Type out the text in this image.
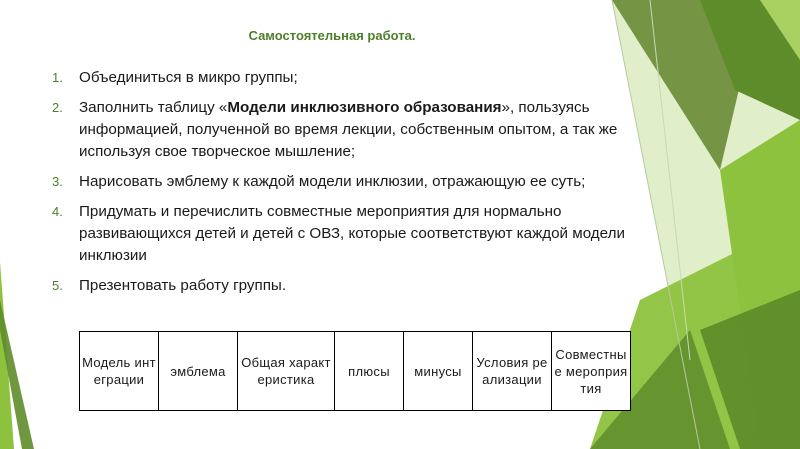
Самостоятельная работа.
1. Объединиться в микро группы;
2. Заполнить таблицу «Модели инклюзивного образования», пользуясь информацией, полученной во время лекции, собственным опытом, а так же используя свое творческое мышление;
3. Нарисовать эмблему к каждой модели инклюзии, отражающую ее суть;
4. Придумать и перечислить совместные мероприятия для нормально развивающихся детей и детей с ОВЗ, которые соответствуют каждой модели инклюзии
5. Презентовать работу группы.
Модель интеграции	эмблема	Общая характеристика	плюсы	минусы	Условия реализации	Совместные мероприятия
